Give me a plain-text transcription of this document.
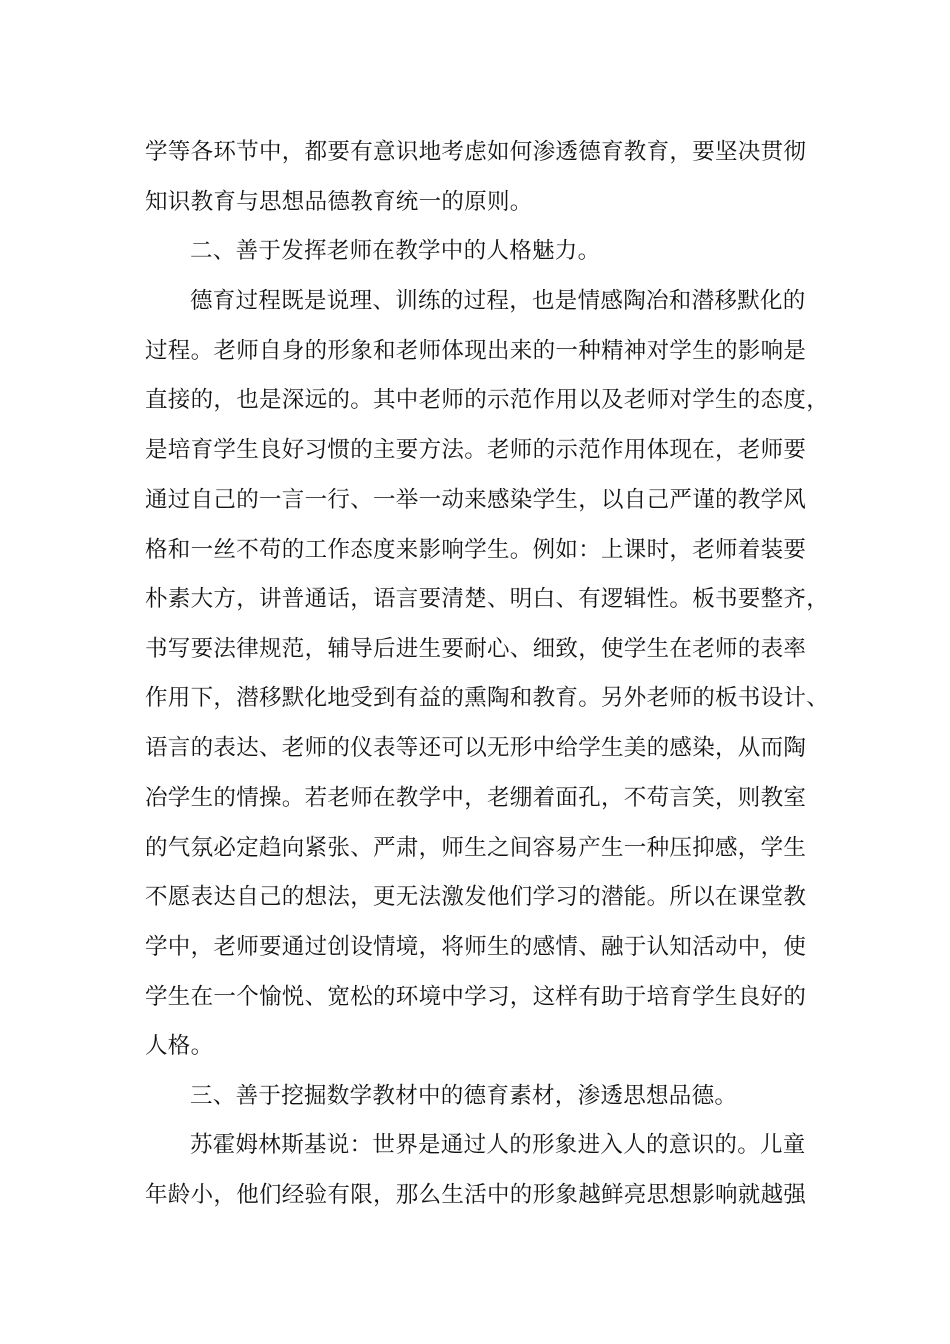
学等各环节中，都要有意识地考虑如何渗透德育教育，要坚决贯彻
知识教育与思想品德教育统一的原则。
二、善于发挥老师在教学中的人格魅力。
德育过程既是说理、训练的过程，也是情感陶冶和潜移默化的
过程。老师自身的形象和老师体现出来的一种精神对学生的影响是
直接的，也是深远的。其中老师的示范作用以及老师对学生的态度，
是培育学生良好习惯的主要方法。老师的示范作用体现在，老师要
通过自己的一言一行、一举一动来感染学生，以自己严谨的教学风
格和一丝不苟的工作态度来影响学生。例如：上课时，老师着装要
朴素大方，讲普通话，语言要清楚、明白、有逻辑性。板书要整齐，
书写要法律规范，辅导后进生要耐心、细致，使学生在老师的表率
作用下，潜移默化地受到有益的熏陶和教育。另外老师的板书设计、
语言的表达、老师的仪表等还可以无形中给学生美的感染，从而陶
冶学生的情操。若老师在教学中，老绷着面孔，不苟言笑，则教室
的气氛必定趋向紧张、严肃，师生之间容易产生一种压抑感，学生
不愿表达自己的想法，更无法激发他们学习的潜能。所以在课堂教
学中，老师要通过创设情境，将师生的感情、融于认知活动中，使
学生在一个愉悦、宽松的环境中学习，这样有助于培育学生良好的
人格。
三、善于挖掘数学教材中的德育素材，渗透思想品德。
苏霍姆林斯基说：世界是通过人的形象进入人的意识的。儿童
年龄小，他们经验有限，那么生活中的形象越鲜亮思想影响就越强
